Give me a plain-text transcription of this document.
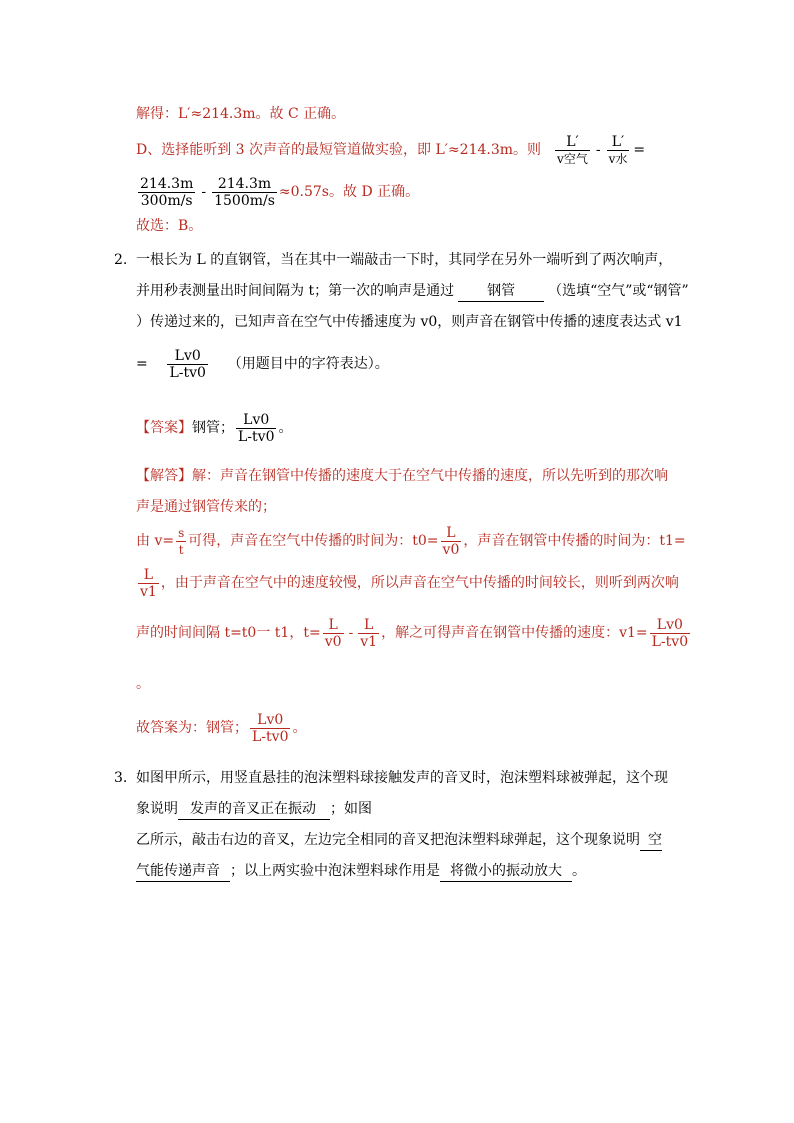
解得：L′≈214.3m。故 C 正确。
D、选择能听到 3 次声音的最短管道做实验，即 L′≈214.3m。则 $\frac{L'}{\text{v空气}} - \frac{L'}{\text{v水}}$ =
$\frac{214.3m}{300m/s} - \frac{214.3m}{1500m/s} \approx 0.57s$。故 D 正确。
故选：B。
2. 一根长为 L 的直钢管，当在其中一端敲击一下时，其同学在另外一端听到了两次响声，
并用秒表测量出时间间隔为 t；第一次的响声是通过 钢管 （选填“空气”或“钢管”
）传递过来的，已知声音在空气中传播速度为 v0，则声音在钢管中传播的速度表达式 v1
= $\frac{Lv0}{L-tv0}$ （用题目中的字符表达）。
【答案】 钢管； $\frac{Lv0}{L-tv0}$ 。
【解答】解：声音在钢管中传播的速度大于在空气中传播的速度，所以先听到的那次响
声是通过钢管传来的；
由 $v= \frac{s}{t}$ 可得，声音在空气中传播的时间为：$t0= \frac{L}{v0}$ ，声音在钢管中传播的时间为：t1=
$\frac{L}{v1}$ ，由于声音在空气中的速度较慢，所以声音在空气中传播的时间较长，则听到两次响
声的时间间隔 t=t0一 t1，$t= \frac{L}{v0} - \frac{L}{v1}$ ，解之可得声音在钢管中传播的速度：$v1= \frac{Lv0}{L-tv0}$
。
故答案为：钢管； $\frac{Lv0}{L-tv0}$ 。
3. 如图甲所示，用竖直悬挂的泡沫塑料球接触发声的音叉时，泡沫塑料球被弹起，这个现
象说明 发声的音叉正在振动 ；如图
乙所示，敲击右边的音叉，左边完全相同的音叉把泡沫塑料球弹起，这个现象说明 空
气能传递声音 ；以上两实验中泡沫塑料球作用是 将微小的振动放大 。
